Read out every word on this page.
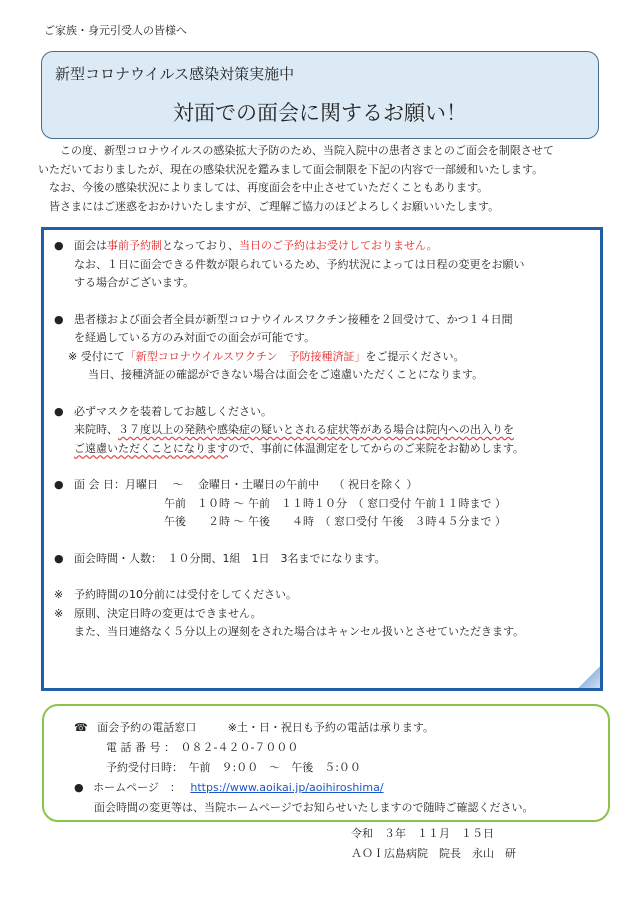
ご家族・身元引受人の皆様へ
新型コロナウイルス感染対策実施中
対面での面会に関するお願い！

この度、新型コロナウイルスの感染拡大予防のため、当院入院中の患者さまとのご面会を制限させて

いただいておりましたが、現在の感染状況を鑑みまして面会制限を下記の内容で一部緩和いたします。

なお、今後の感染状況によりましては、再度面会を中止させていただくこともあります。

皆さまにはご迷惑をおかけいたしますが、ご理解ご協力のほどよろしくお願いいたします。

● 面会は事前予約制となっており、当日のご予約はお受けしておりません。
なお、１日に面会できる件数が限られているため、予約状況によっては日程の変更をお願い
する場合がございます。
● 患者様および面会者全員が新型コロナウイルスワクチン接種を２回受けて、かつ１４日間
を経過している方のみ対面での面会が可能です。
※ 受付にて「新型コロナウイルスワクチン　予防接種済証」をご提示ください。
当日、接種済証の確認ができない場合は面会をご遠慮いただくことになります。
● 必ずマスクを装着してお越しください。
来院時、３７度以上の発熱や感染症の疑いとされる症状等がある場合は院内への出入りを
ご遠慮いただくことになりますので、事前に体温測定をしてからのご来院をお勧めします。
● 面 会 日：月曜日　 ～　 金曜日・土曜日の午前中　 （ 祝日を除く ）
午前　１０時 ～ 午前　１１時１０分　（ 窓口受付 午前１１時まで ）
午後　　２時 ～ 午後　　４時　（ 窓口受付 午後　３時４５分まで ）
● 面会時間・人数：　１０分間、1組　1日　3名までになります。
※ 予約時間の10分前には受付をしてください。
※ 原則、決定日時の変更はできません。
また、当日連絡なく５分以上の遅刻をされた場合はキャンセル扱いとさせていただきます。
☎ 面会予約の電話窓口	※土・日・祝日も予約の電話は承ります。
電 話 番 号 ：　０８２-４２０-７０００
予約受付日時：　午前　９:００　～　午後　５:００
● ホームページ　： https://www.aoikai.jp/aoihiroshima/
面会時間の変更等は、当院ホームページでお知らせいたしますので随時ご確認ください。
令和　３年　１１月　１５日
ＡＯＩ広島病院　院長　永山　研
